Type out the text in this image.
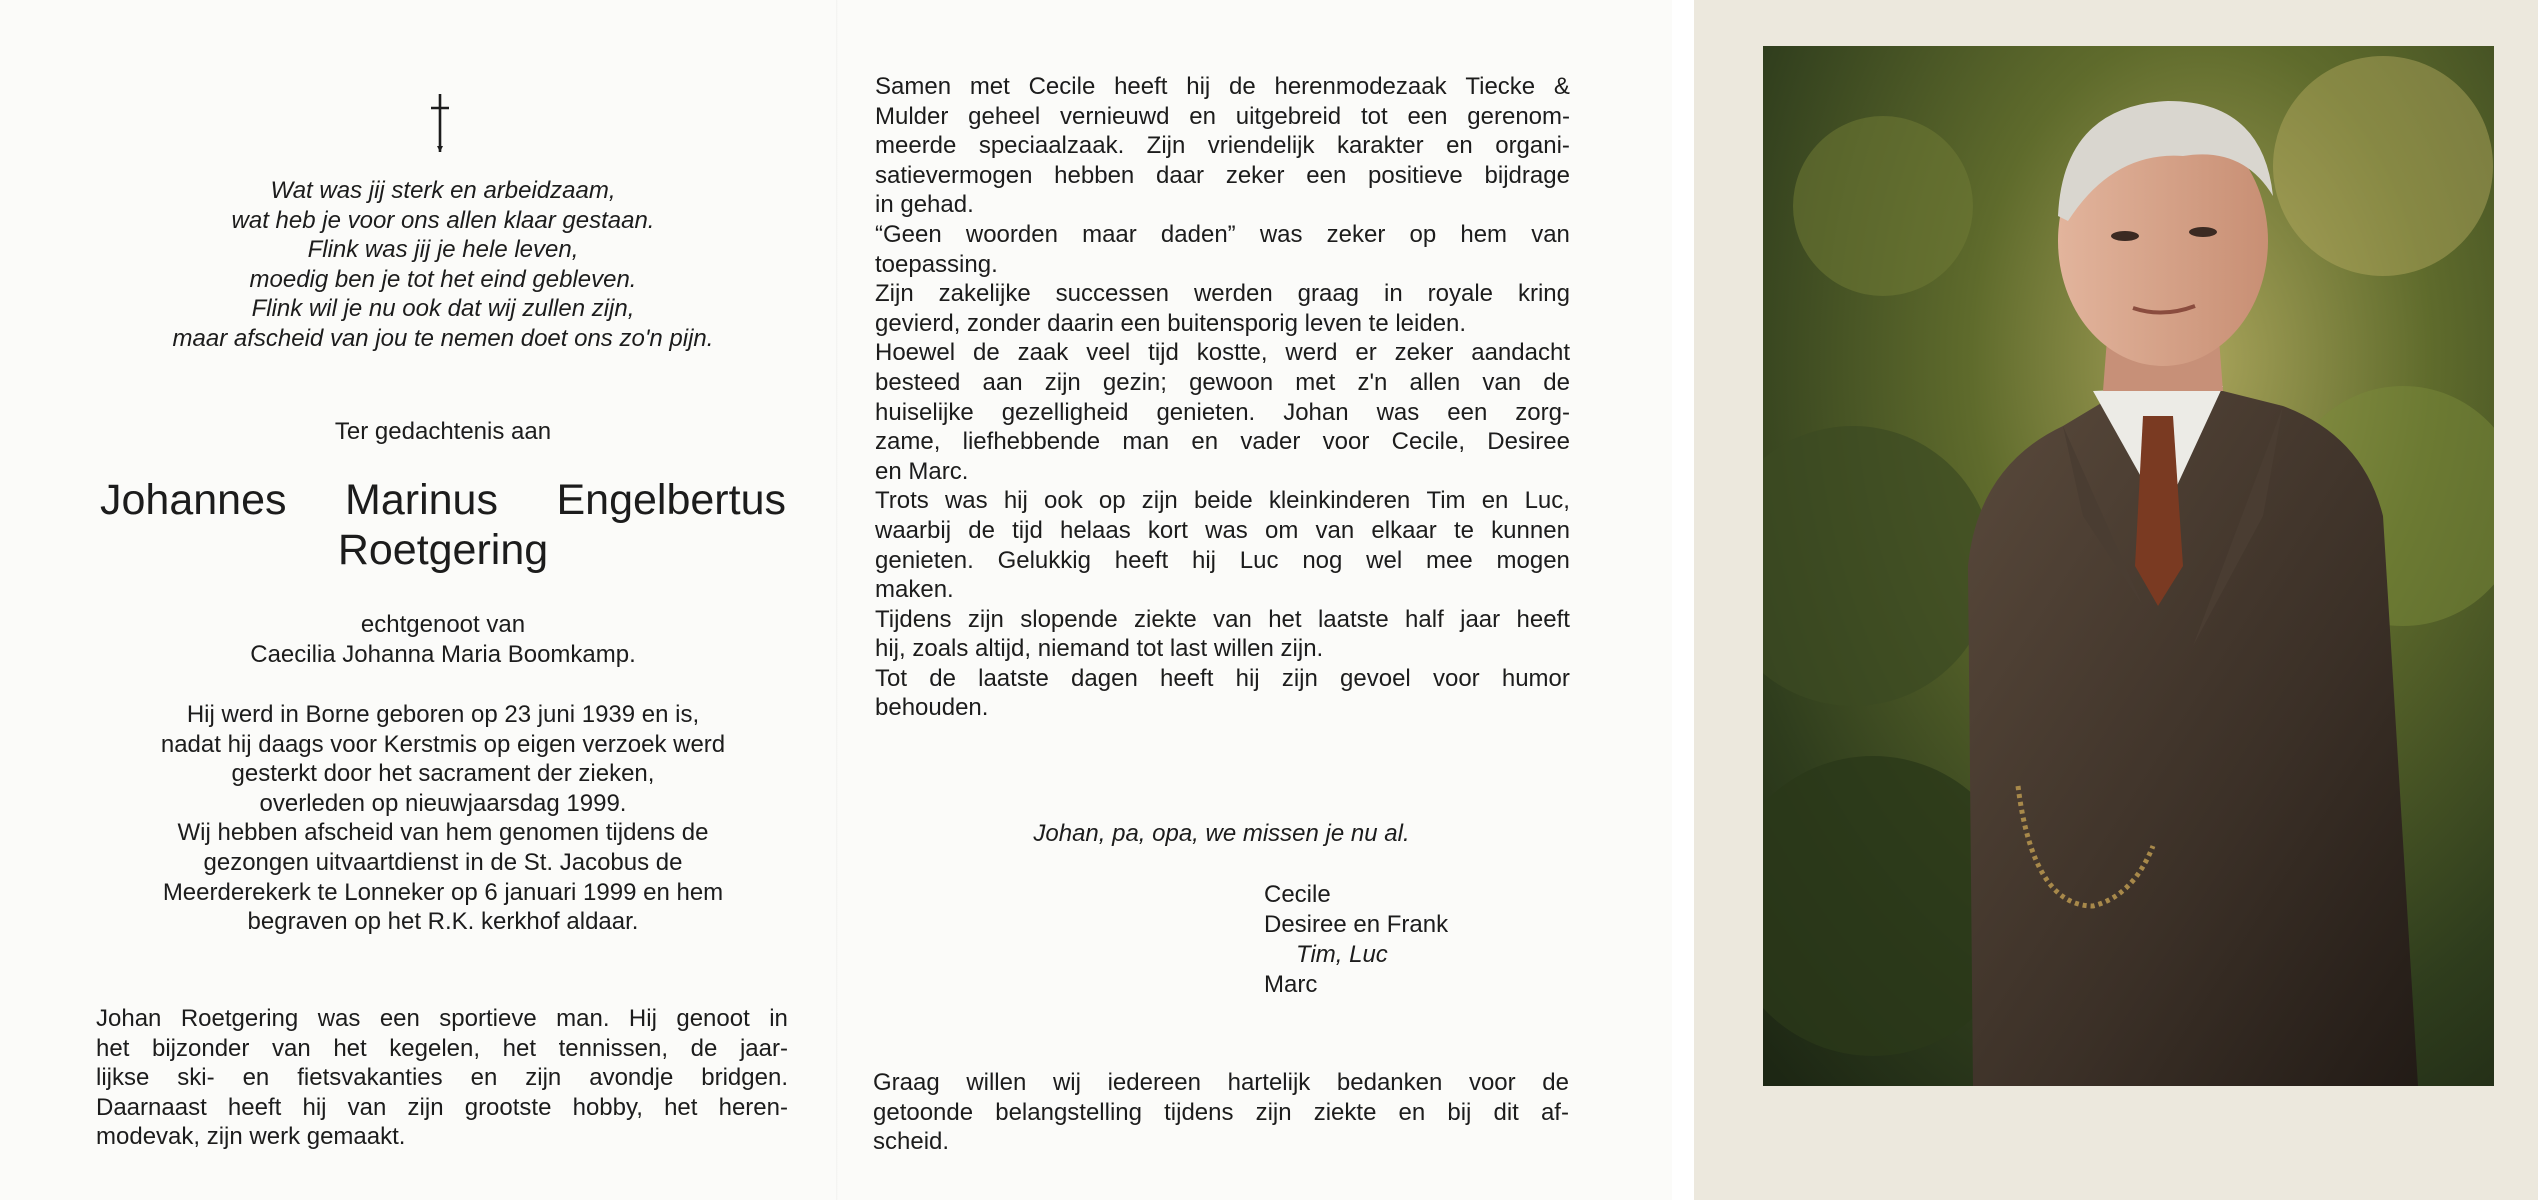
Wat was jij sterk en arbeidzaam,
wat heb je voor ons allen klaar gestaan.
Flink was jij je hele leven,
moedig ben je tot het eind gebleven.
Flink wil je nu ook dat wij zullen zijn,
maar afscheid van jou te nemen doet ons zo'n pijn.
Ter gedachtenis aan
Johannes Marinus Engelbertus
Roetgering
echtgenoot van
Caecilia Johanna Maria Boomkamp.
Hij werd in Borne geboren op 23 juni 1939 en is,
nadat hij daags voor Kerstmis op eigen verzoek werd
gesterkt door het sacrament der zieken,
overleden op nieuwjaarsdag 1999.
Wij hebben afscheid van hem genomen tijdens de
gezongen uitvaartdienst in de St. Jacobus de
Meerderekerk te Lonneker op 6 januari 1999 en hem
begraven op het R.K. kerkhof aldaar.
Johan Roetgering was een sportieve man. Hij genoot in
het bijzonder van het kegelen, het tennissen, de jaar-
lijkse ski- en fietsvakanties en zijn avondje bridgen.
Daarnaast heeft hij van zijn grootste hobby, het heren-
modevak, zijn werk gemaakt.
Samen met Cecile heeft hij de herenmodezaak Tiecke &
Mulder geheel vernieuwd en uitgebreid tot een gerenom-
meerde speciaalzaak. Zijn vriendelijk karakter en organi-
satievermogen hebben daar zeker een positieve bijdrage
in gehad.
“Geen woorden maar daden” was zeker op hem van
toepassing.
Zijn zakelijke successen werden graag in royale kring
gevierd, zonder daarin een buitensporig leven te leiden.
Hoewel de zaak veel tijd kostte, werd er zeker aandacht
besteed aan zijn gezin; gewoon met z'n allen van de
huiselijke gezelligheid genieten. Johan was een zorg-
zame, liefhebbende man en vader voor Cecile, Desiree
en Marc.
Trots was hij ook op zijn beide kleinkinderen Tim en Luc,
waarbij de tijd helaas kort was om van elkaar te kunnen
genieten. Gelukkig heeft hij Luc nog wel mee mogen
maken.
Tijdens zijn slopende ziekte van het laatste half jaar heeft
hij, zoals altijd, niemand tot last willen zijn.
Tot de laatste dagen heeft hij zijn gevoel voor humor
behouden.
Johan, pa, opa, we missen je nu al.
Cecile
Desiree en Frank
Tim, Luc
Marc
Graag willen wij iedereen hartelijk bedanken voor de
getoonde belangstelling tijdens zijn ziekte en bij dit af-
scheid.
